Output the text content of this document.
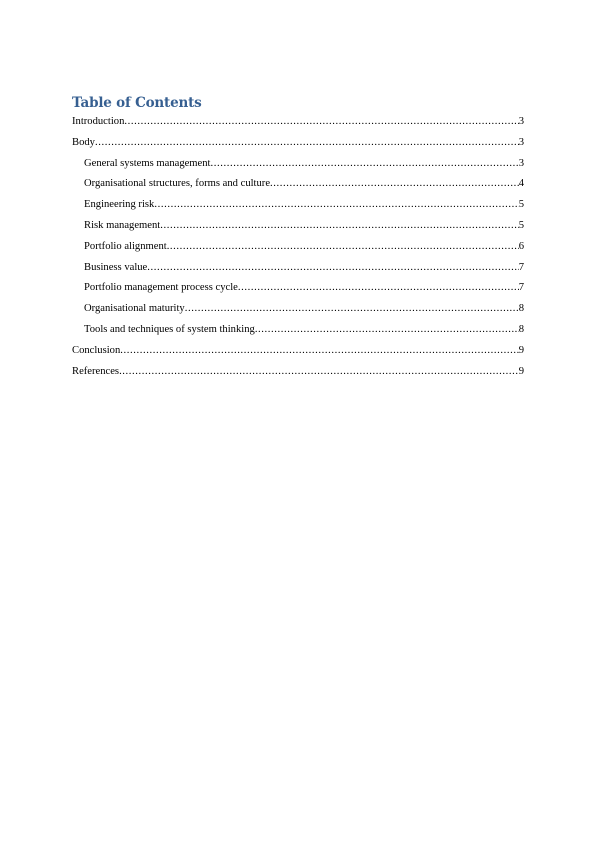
Table of Contents
Introduction .....	3
Body .....	3
General systems management .....	3
Organisational structures, forms and culture .....	4
Engineering risk .....	5
Risk management .....	5
Portfolio alignment .....	6
Business value .....	7
Portfolio management process cycle .....	7
Organisational maturity .....	8
Tools and techniques of system thinking .....	8
Conclusion .....	9
References .....	9
